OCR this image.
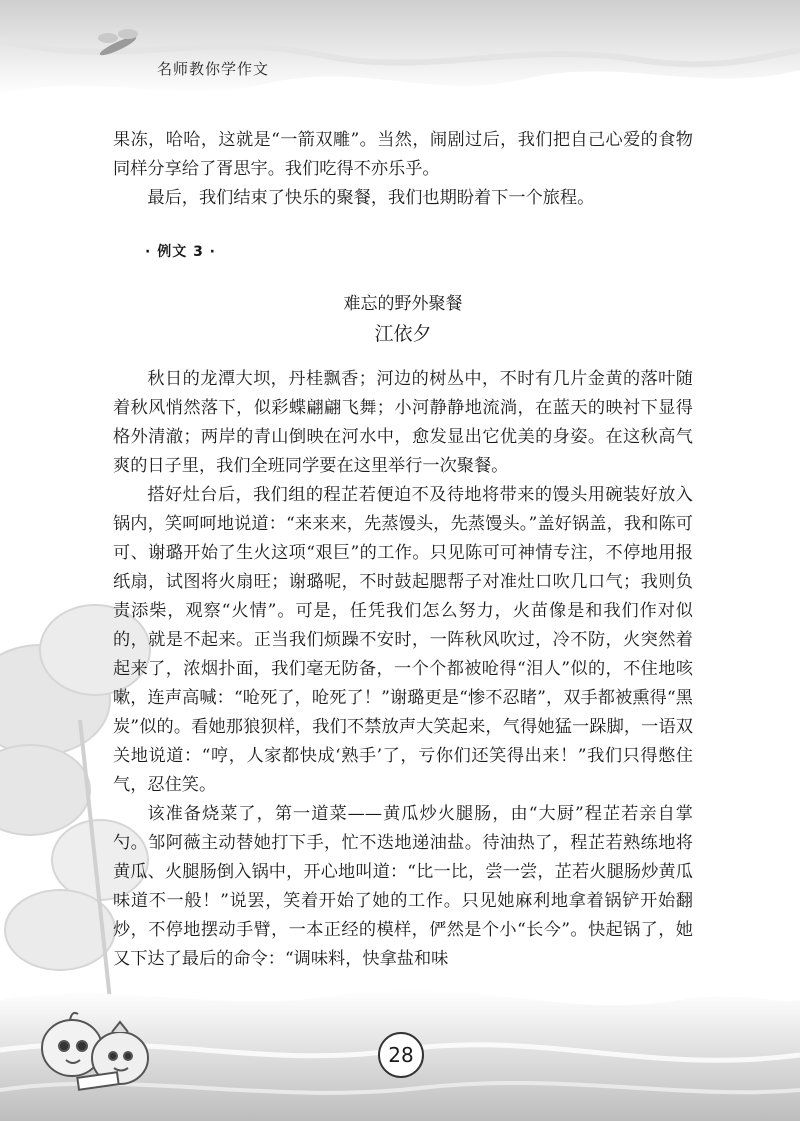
名师教你学作文

果冻，哈哈，这就是“一箭双雕”。当然，闹剧过后，我们把自己心爱的食物同样分享给了胥思宇。我们吃得不亦乐乎。

最后，我们结束了快乐的聚餐，我们也期盼着下一个旅程。

· 例文 3 ·

难忘的野外聚餐

江依夕

秋日的龙潭大坝，丹桂飘香；河边的树丛中，不时有几片金黄的落叶随着秋风悄然落下，似彩蝶翩翩飞舞；小河静静地流淌，在蓝天的映衬下显得格外清澈；两岸的青山倒映在河水中，愈发显出它优美的身姿。在这秋高气爽的日子里，我们全班同学要在这里举行一次聚餐。

搭好灶台后，我们组的程芷若便迫不及待地将带来的馒头用碗装好放入锅内，笑呵呵地说道：“来来来，先蒸馒头，先蒸馒头。”盖好锅盖，我和陈可可、谢璐开始了生火这项“艰巨”的工作。只见陈可可神情专注，不停地用报纸扇，试图将火扇旺；谢璐呢，不时鼓起腮帮子对准灶口吹几口气；我则负责添柴，观察“火情”。可是，任凭我们怎么努力，火苗像是和我们作对似的，就是不起来。正当我们烦躁不安时，一阵秋风吹过，冷不防，火突然着起来了，浓烟扑面，我们毫无防备，一个个都被呛得“泪人”似的，不住地咳嗽，连声高喊：“呛死了，呛死了！”谢璐更是“惨不忍睹”，双手都被熏得“黑炭”似的。看她那狼狈样，我们不禁放声大笑起来，气得她猛一跺脚，一语双关地说道：“哼，人家都快成‘熟手’了，亏你们还笑得出来！”我们只得憋住气，忍住笑。

该准备烧菜了，第一道菜——黄瓜炒火腿肠，由“大厨”程芷若亲自掌勺。邹阿薇主动替她打下手，忙不迭地递油盐。待油热了，程芷若熟练地将黄瓜、火腿肠倒入锅中，开心地叫道：“比一比，尝一尝，芷若火腿肠炒黄瓜味道不一般！”说罢，笑着开始了她的工作。只见她麻利地拿着锅铲开始翻炒，不停地摆动手臂，一本正经的模样，俨然是个小“长今”。快起锅了，她又下达了最后的命令：“调味料，快拿盐和味

28
